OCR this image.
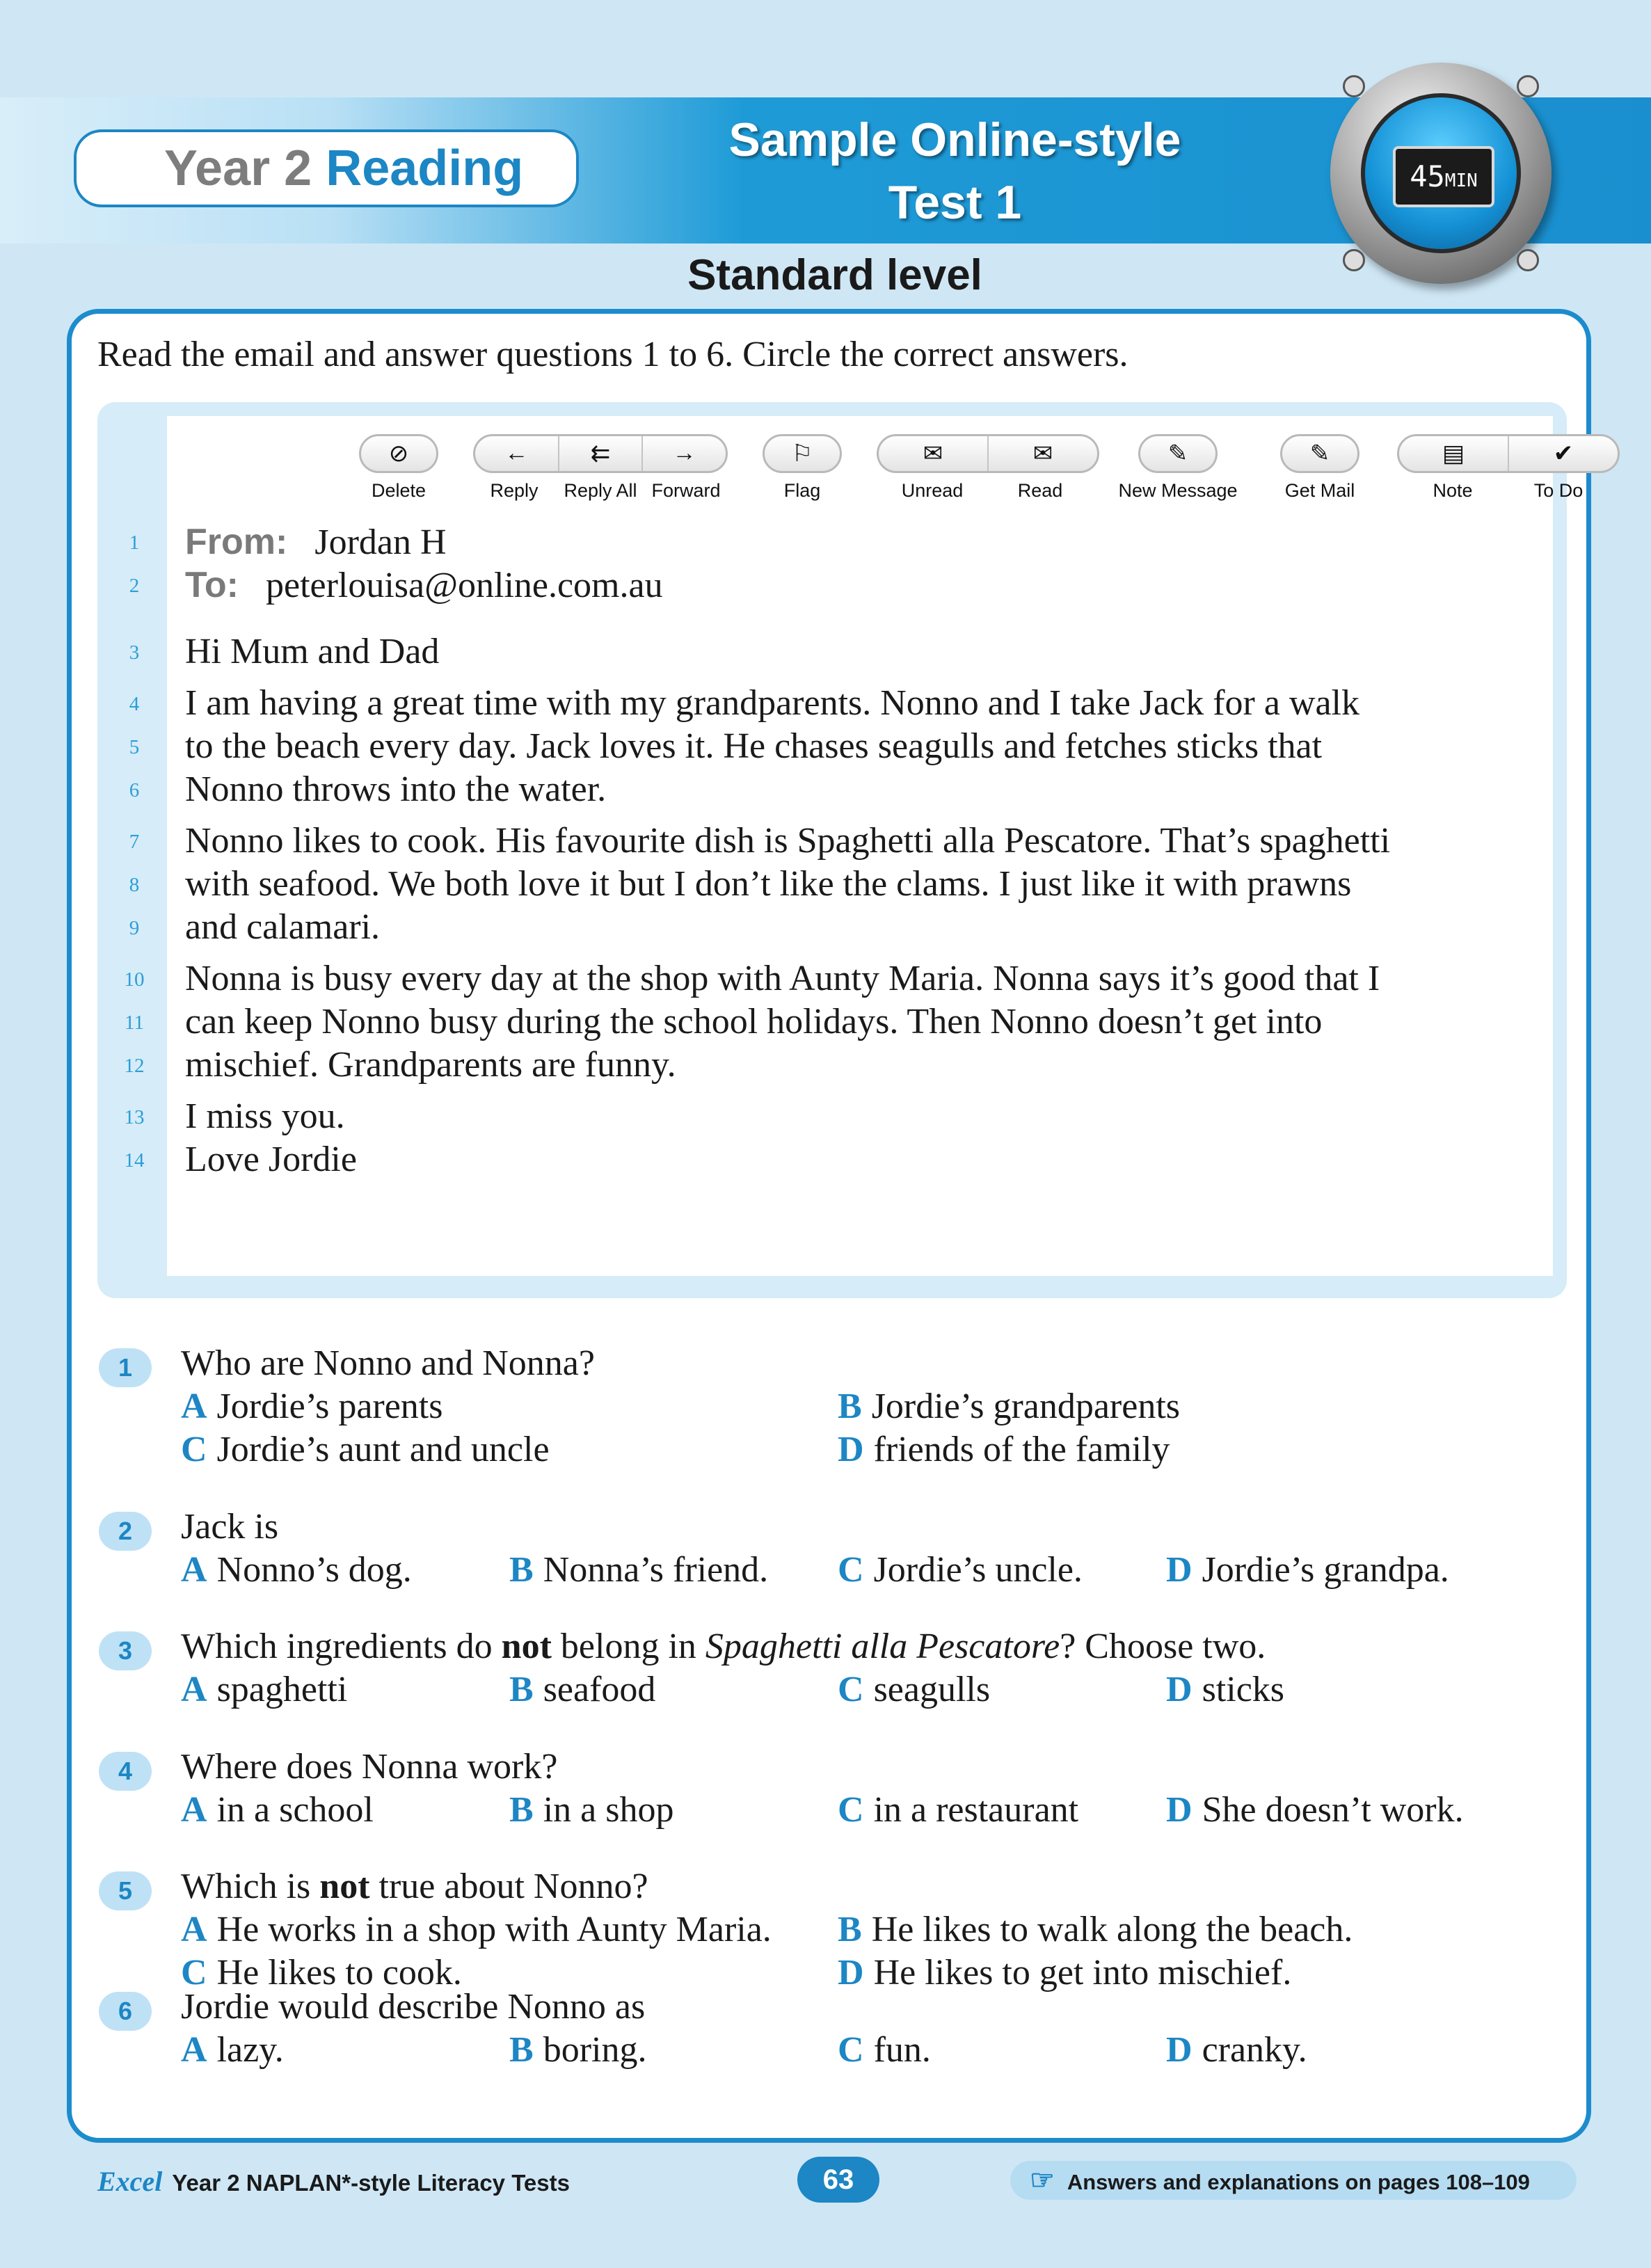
Year 2 Reading
Sample Online-style
Test 1
Standard level
45MIN
Read the email and answer questions 1 to 6. Circle the correct answers.
⊘	←	⇇	→	⚐	✉	✉	✎	✎	▤	✔
Delete	Reply	Reply All Forward	Flag	Unread	Read	New Message	Get Mail	Note	To Do
1
2
3
4
5
6
7
8
9
10
11
12
13
14
From: Jordan H
To: peterlouisa@online.com.au
Hi Mum and Dad
I am having a great time with my grandparents. Nonno and I take Jack for a walk
to the beach every day. Jack loves it. He chases seagulls and fetches sticks that
Nonno throws into the water.
Nonno likes to cook. His favourite dish is Spaghetti alla Pescatore. That’s spaghetti
with seafood. We both love it but I don’t like the clams. I just like it with prawns
and calamari.
Nonna is busy every day at the shop with Aunty Maria. Nonna says it’s good that I
can keep Nonno busy during the school holidays. Then Nonno doesn’t get into
mischief. Grandparents are funny.
I miss you.
Love Jordie
1	Who are Nonno and Nonna?
A Jordie’s parents	B Jordie’s grandparents
C Jordie’s aunt and uncle	D friends of the family
2	Jack is
A Nonno’s dog.	B Nonna’s friend. C Jordie’s uncle. D Jordie’s grandpa.
3	Which ingredients do not belong in Spaghetti alla Pescatore? Choose two.
A spaghetti	B seafood	C seagulls	D sticks
4	Where does Nonna work?
A in a school	B in a shop	C in a restaurant D She doesn’t work.
5	Which is not true about Nonno?
A He works in a shop with Aunty Maria. B He likes to walk along the beach.
C He likes to cook.	D He likes to get into mischief.
6	Jordie would describe Nonno as
A lazy.	B boring.	C fun.	D cranky.
Excel Year 2 NAPLAN*-style Literacy Tests	63	☞ Answers and explanations on pages 108–109
